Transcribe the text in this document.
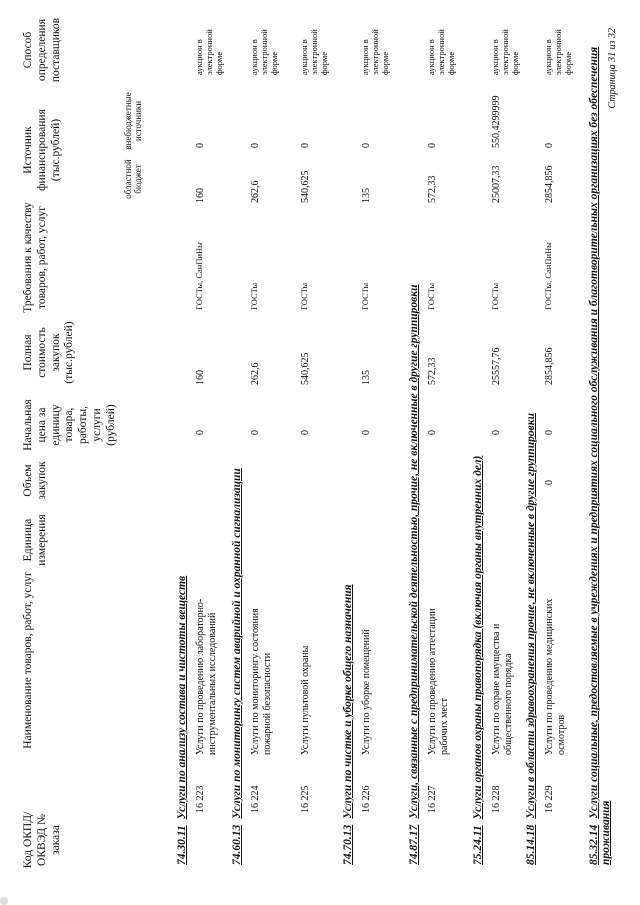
Код ОКПД/ ОКВЭД № заказа
Наименование товаров, работ, услуг
Единица измерения
Объем закупок
Начальная цена за единицу товара, работы, услуги (рублей)
Полная стоимость закупок (тыс.рублей)
Требования к качеству товаров, работ, услуг
Источник финансирования (тыс.рублей)	областной бюджет
внебюджетные источники
Способ определения поставщиков
74.30.11Услуги по анализу состава и чистоты веществ 16 223
Услуги по проведению лабораторно-инструментальных исследований
0
160
ГОСТы, СанПиНы
160
0
аукцион в электронной форме
74.60.13Услуги по мониторингу систем аварийной и охранной сигнализации 16 224
Услуги по мониторингу состояния пожарной безопасности
0
262,6
ГОСТы
262,6
0
аукцион в электронной форме
16 225
Услуги пультовой охраны
0
540,625
ГОСТы
540,625
0
аукцион в электронной форме
74.70.13Услуги по чистке и уборке общего назначения 16 226
Услуги по уборке помещений
0
135
ГОСТы
135
0
аукцион в электронной форме
74.87.17Услуги, связанные с предпринимательской деятельностью, прочие, не включенные в другие группировки 16 227
Услуги по проведению аттестации рабочих мест
0
572,33
ГОСТы
572,33
0
аукцион в электронной форме
75.24.11Услуги органов охраны правопорядка (включая органы внутренних дел) 16 228
Услуги по охране имущества и общественного порядка
0
25557,76
ГОСТы
25007,33
550,4299999
аукцион в электронной форме
85.14.18Услуги в области здравоохранения прочие, не включенные в другие группировки 16 229
Услуги по проведению медицинских осмотров
0
0
2854,856
ГОСТы, СанПиНы
2854,856
0
аукцион в электронной форме
85.32.14Услуги социальные, предоставляемые в учреждениях и предприятиях социального обслуживания и благотворительных организациях без обеспечения проживания
Страница 31 из 32
